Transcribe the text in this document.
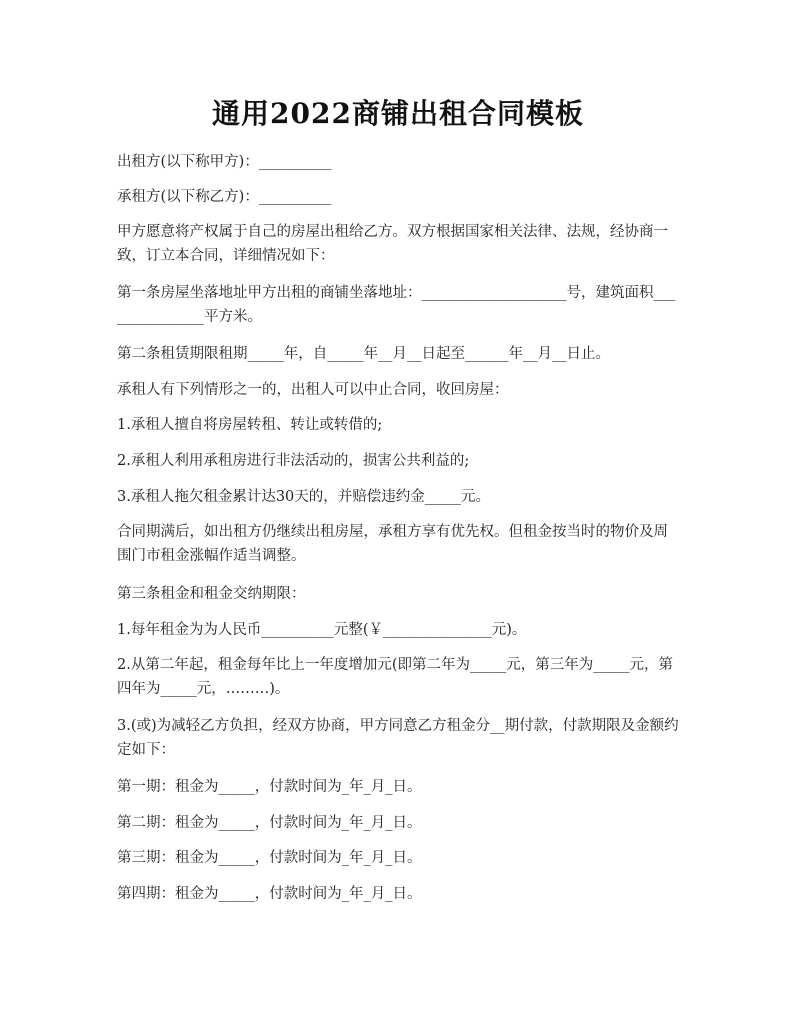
通用2022商铺出租合同模板
出租方(以下称甲方)：__________
承租方(以下称乙方)：__________
甲方愿意将产权属于自己的房屋出租给乙方。双方根据国家相关法律、法规，经协商一致，订立本合同，详细情况如下：
第一条房屋坐落地址甲方出租的商铺坐落地址：____________________号，建筑面积_______________平方米。
第二条租赁期限租期_____年，自_____年__月__日起至______年__月__日止。
承租人有下列情形之一的，出租人可以中止合同，收回房屋：
1.承租人擅自将房屋转租、转让或转借的;
2.承租人利用承租房进行非法活动的，损害公共利益的;
3.承租人拖欠租金累计达30天的，并赔偿违约金_____元。
合同期满后，如出租方仍继续出租房屋，承租方享有优先权。但租金按当时的物价及周围门市租金涨幅作适当调整。
第三条租金和租金交纳期限：
1.每年租金为为人民币__________元整(￥_______________元)。
2.从第二年起，租金每年比上一年度增加元(即第二年为_____元，第三年为_____元，第四年为_____元，………)。
3.(或)为减轻乙方负担，经双方协商，甲方同意乙方租金分__期付款，付款期限及金额约定如下：
第一期：租金为_____，付款时间为_年_月_日。
第二期：租金为_____，付款时间为_年_月_日。
第三期：租金为_____，付款时间为_年_月_日。
第四期：租金为_____，付款时间为_年_月_日。
